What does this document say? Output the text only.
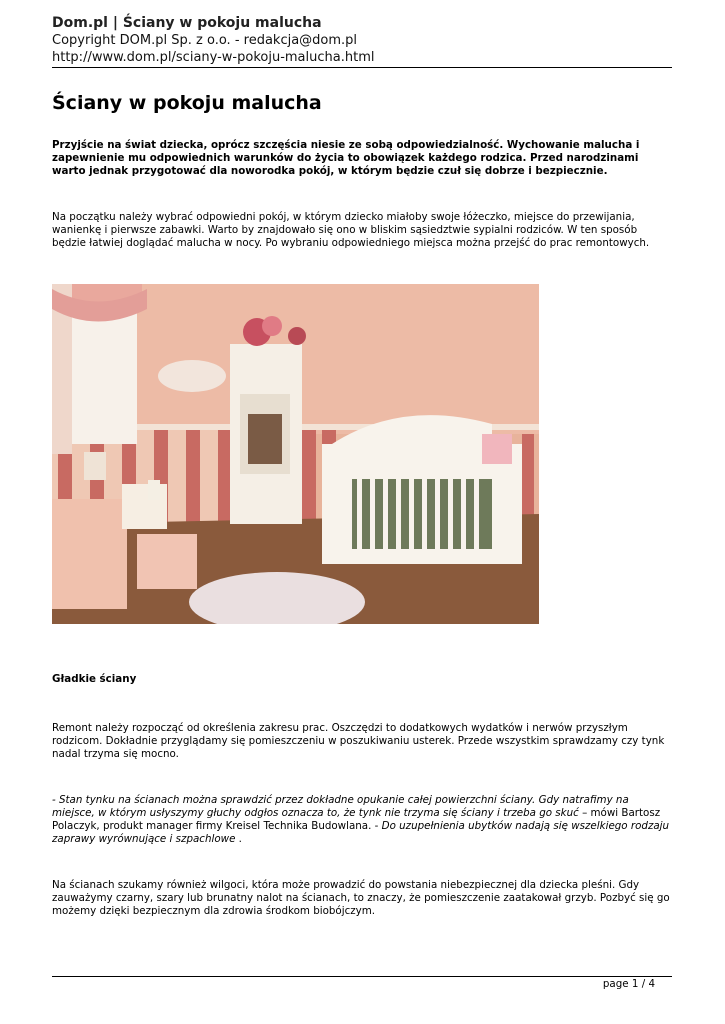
Dom.pl | Ściany w pokoju malucha
Copyright DOM.pl Sp. z o.o. - redakcja@dom.pl
http://www.dom.pl/sciany-w-pokoju-malucha.html
Ściany w pokoju malucha

Przyjście na świat dziecka, oprócz szczęścia niesie ze sobą odpowiedzialność. Wychowanie malucha i zapewnienie mu odpowiednich warunków do życia to obowiązek każdego rodzica. Przed narodzinami warto jednak przygotować dla noworodka pokój, w którym będzie czuł się dobrze i bezpiecznie.

Na początku należy wybrać odpowiedni pokój, w którym dziecko miałoby swoje łóżeczko, miejsce do przewijania, wanienkę i pierwsze zabawki. Warto by znajdowało się ono w bliskim sąsiedztwie sypialni rodziców. W ten sposób będzie łatwiej doglądać malucha w nocy. Po wybraniu odpowiedniego miejsca można przejść do prac remontowych.

Gładkie ściany

Remont należy rozpocząć od określenia zakresu prac. Oszczędzi to dodatkowych wydatków i nerwów przyszłym rodzicom. Dokładnie przyglądamy się pomieszczeniu w poszukiwaniu usterek. Przede wszystkim sprawdzamy czy tynk nadal trzyma się mocno.

- Stan tynku na ścianach można sprawdzić przez dokładne opukanie całej powierzchni ściany. Gdy natrafimy na miejsce, w którym usłyszymy głuchy odgłos oznacza to, że tynk nie trzyma się ściany i trzeba go skuć – mówi Bartosz Polaczyk, produkt manager firmy Kreisel Technika Budowlana. - Do uzupełnienia ubytków nadają się wszelkiego rodzaju zaprawy wyrównujące i szpachlowe .

Na ścianach szukamy również wilgoci, która może prowadzić do powstania niebezpiecznej dla dziecka pleśni. Gdy zauważymy czarny, szary lub brunatny nalot na ścianach, to znaczy, że pomieszczenie zaatakował grzyb. Pozbyć się go możemy dzięki bezpiecznym dla zdrowia środkom biobójczym.

page 1 / 4
